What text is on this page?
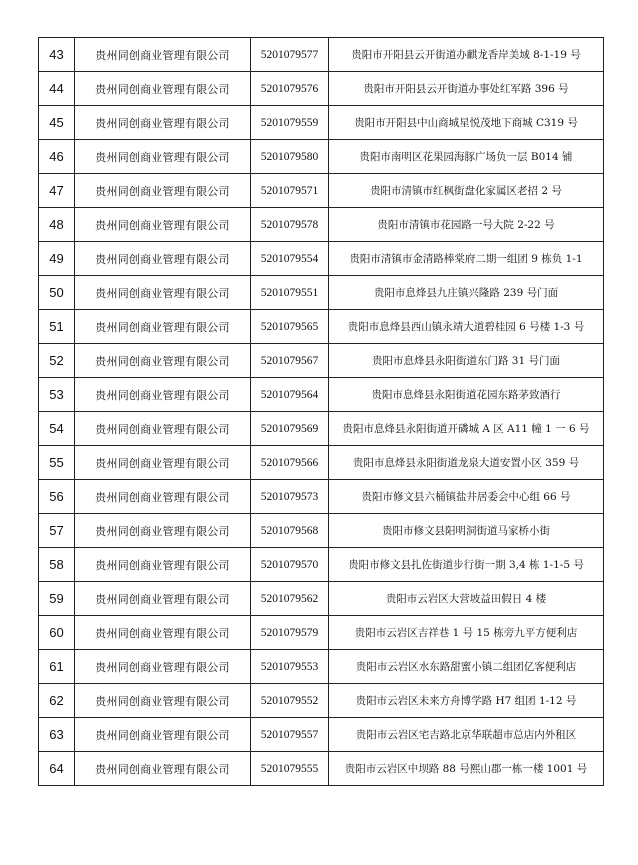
43	贵州同创商业管理有限公司	5201079577	贵阳市开阳县云开街道办麒龙香岸美域 8-1-19 号
44	贵州同创商业管理有限公司	5201079576	贵阳市开阳县云开街道办事处红军路 396 号
45	贵州同创商业管理有限公司	5201079559	贵阳市开阳县中山商城星悦茂地下商城 C319 号
46	贵州同创商业管理有限公司	5201079580	贵阳市南明区花果园海豚广场负一层 B014 铺
47	贵州同创商业管理有限公司	5201079571	贵阳市清镇市红枫街盘化家属区老招 2 号
48	贵州同创商业管理有限公司	5201079578	贵阳市清镇市花园路一号大院 2-22 号
49	贵州同创商业管理有限公司	5201079554	贵阳市清镇市金清路棒棠府二期一组团 9 栋负 1-1
50	贵州同创商业管理有限公司	5201079551	贵阳市息烽县九庄镇兴隆路 239 号门面
51	贵州同创商业管理有限公司	5201079565	贵阳市息烽县西山镇永靖大道碧桂园 6 号楼 1-3 号
52	贵州同创商业管理有限公司	5201079567	贵阳市息烽县永阳街道东门路 31 号门面
53	贵州同创商业管理有限公司	5201079564	贵阳市息烽县永阳街道花园东路茅致酒行
54	贵州同创商业管理有限公司	5201079569	贵阳市息烽县永阳街道开磷城 A 区 A11 幢 1 一 6 号
55	贵州同创商业管理有限公司	5201079566	贵阳市息烽县永阳街道龙泉大道安置小区 359 号
56	贵州同创商业管理有限公司	5201079573	贵阳市修文县六桶镇盐井居委会中心组 66 号
57	贵州同创商业管理有限公司	5201079568	贵阳市修文县阳明洞街道马家桥小街
58	贵州同创商业管理有限公司	5201079570	贵阳市修文县扎佐街道步行街一期 3,4 栋 1-1-5 号
59	贵州同创商业管理有限公司	5201079562	贵阳市云岩区大营坡益田假日 4 楼
60	贵州同创商业管理有限公司	5201079579	贵阳市云岩区吉祥巷 1 号 15 栋旁九平方便利店
61	贵州同创商业管理有限公司	5201079553	贵阳市云岩区水东路甜蜜小镇二组团亿客便利店
62	贵州同创商业管理有限公司	5201079552	贵阳市云岩区未来方舟博学路 H7 组团 1-12 号
63	贵州同创商业管理有限公司	5201079557	贵阳市云岩区宅吉路北京华联超市总店内外租区
64	贵州同创商业管理有限公司	5201079555	贵阳市云岩区中坝路 88 号熙山郡一栋一楼 1001 号
